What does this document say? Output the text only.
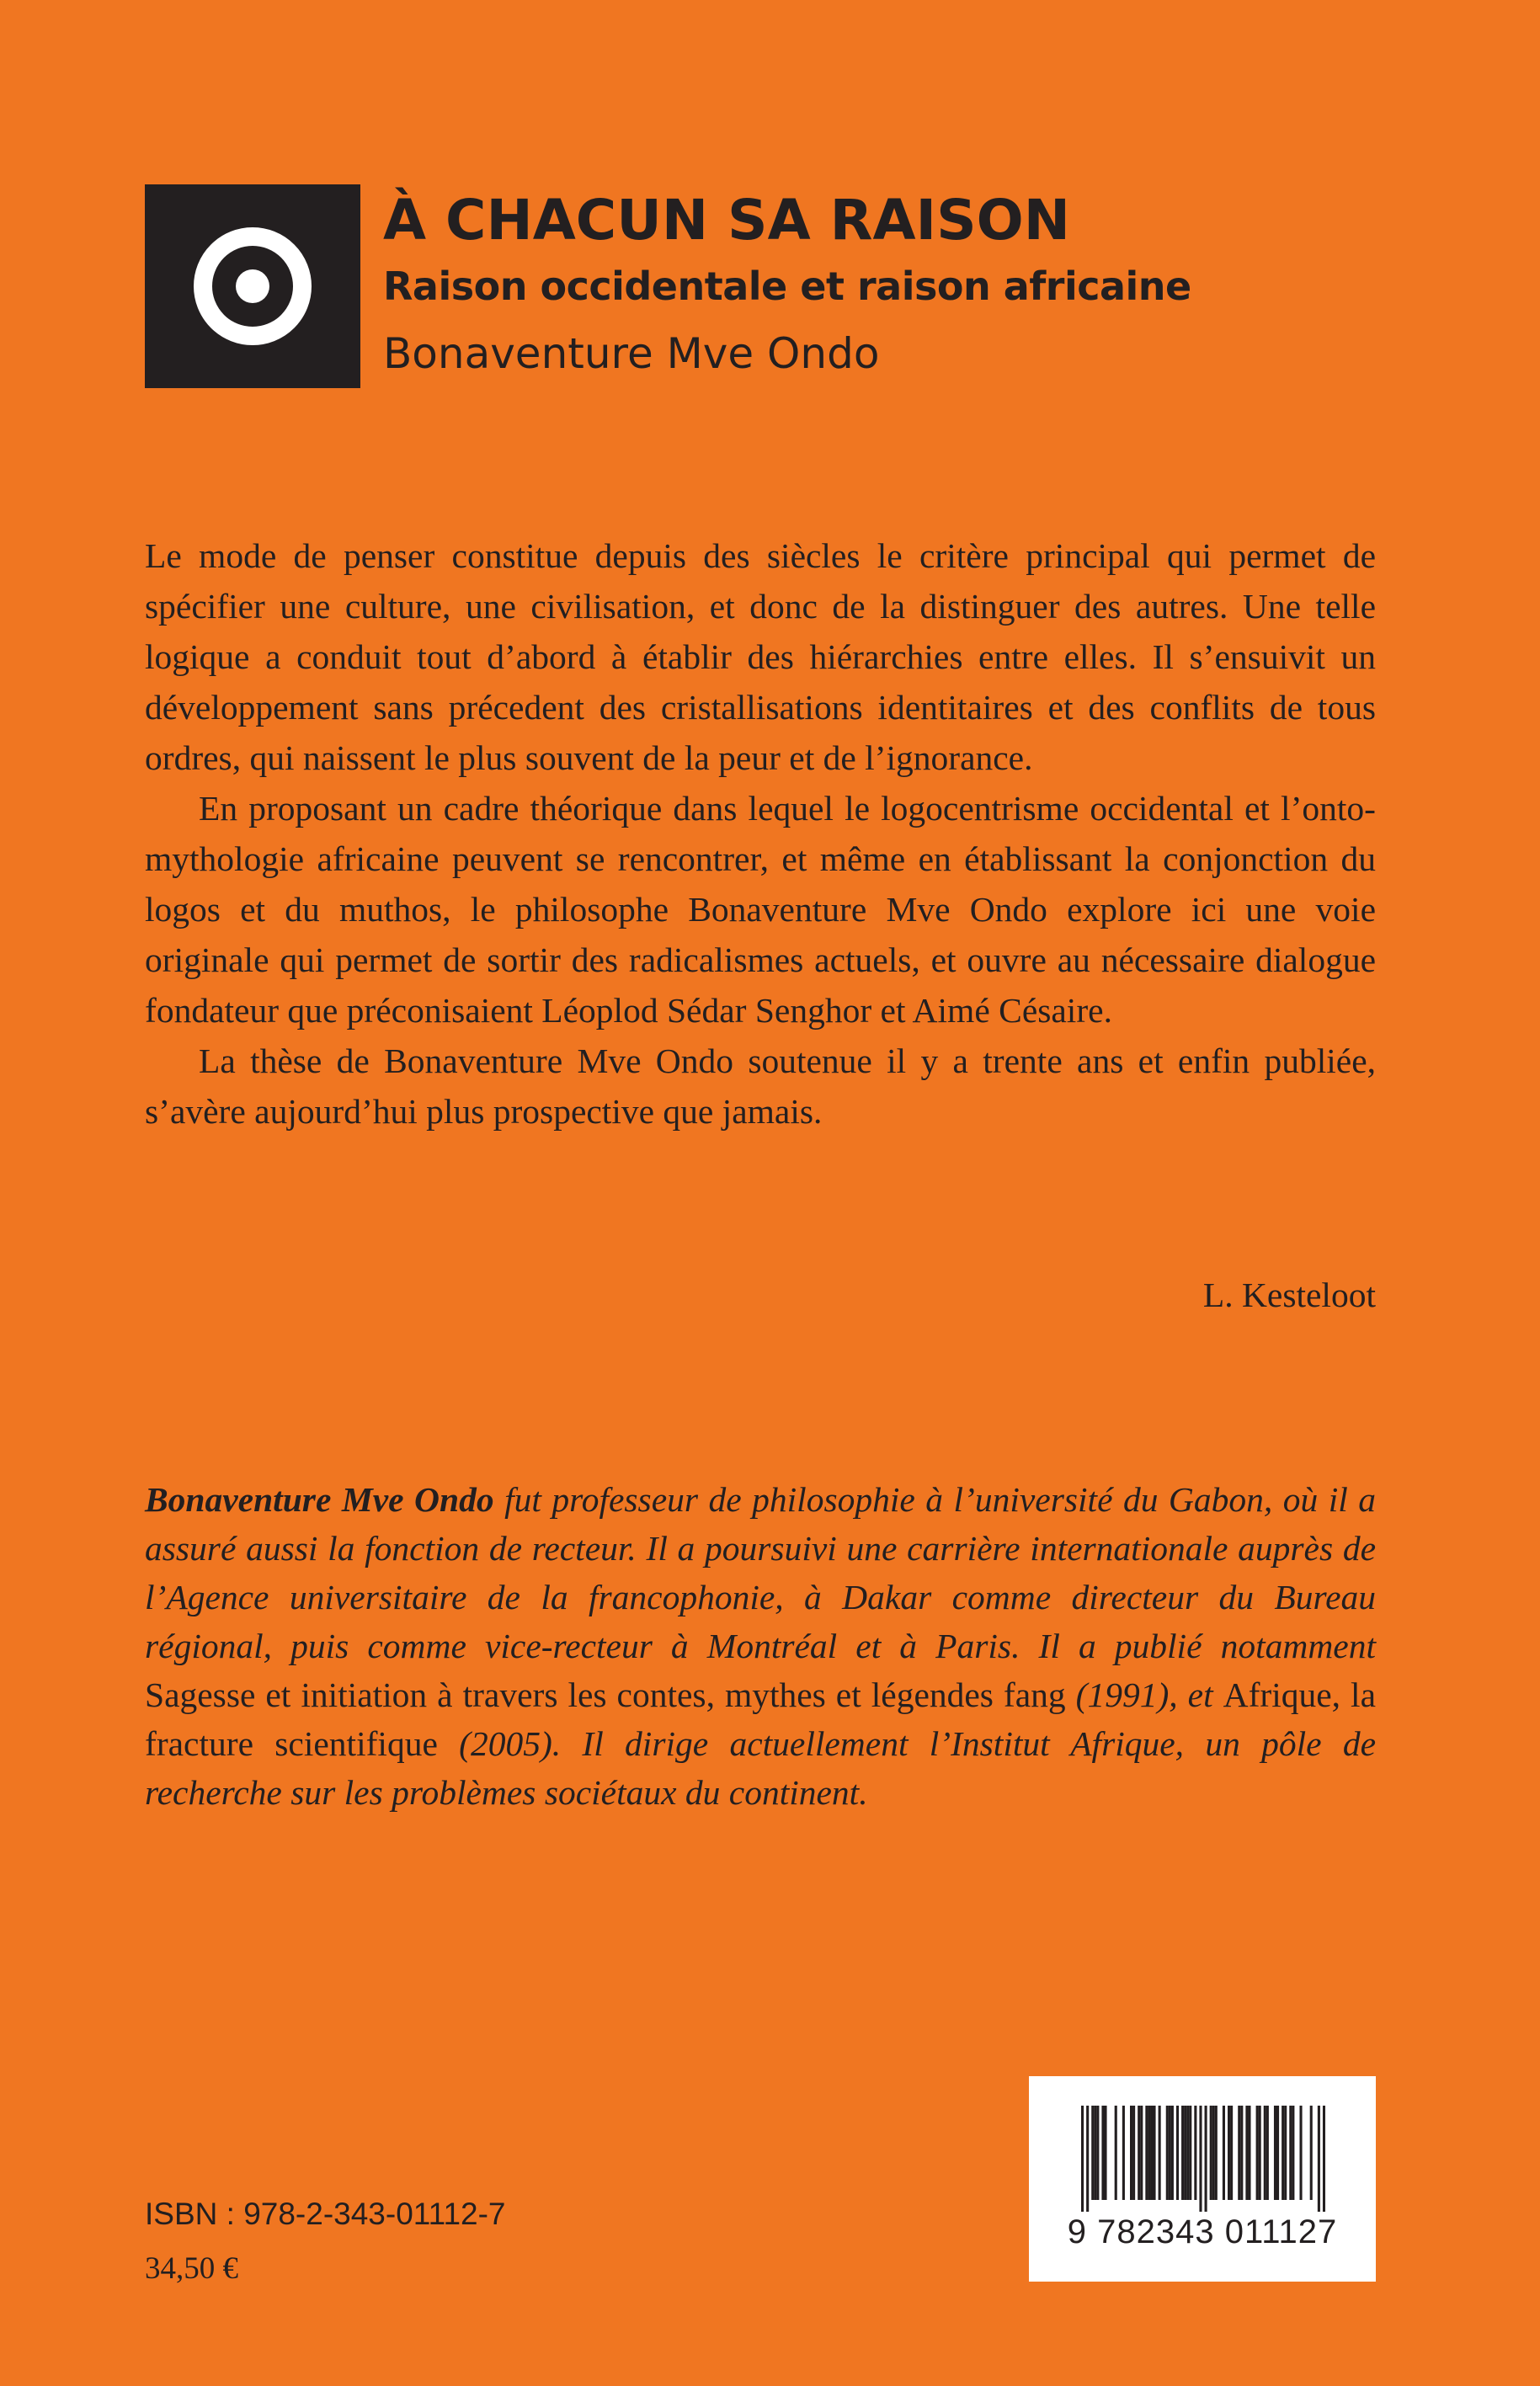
À CHACUN SA RAISON
Raison occidentale et raison africaine
Bonaventure Mve Ondo

Le mode de penser constitue depuis des siècles le critère principal qui permet de spécifier une culture, une civilisation, et donc de la distinguer des autres. Une telle logique a conduit tout d’abord à établir des hiérarchies entre elles. Il s’ensuivit un développement sans précedent des cristallisations identitaires et des conflits de tous ordres, qui naissent le plus souvent de la peur et de l’ignorance.

En proposant un cadre théorique dans lequel le logocentrisme occidental et l’onto-mythologie africaine peuvent se rencontrer, et même en établissant la conjonction du logos et du muthos, le philosophe Bonaventure Mve Ondo explore ici une voie originale qui permet de sortir des radicalismes actuels, et ouvre au nécessaire dialogue fondateur que préconisaient Léoplod Sédar Senghor et Aimé Césaire.

La thèse de Bonaventure Mve Ondo soutenue il y a trente ans et enfin publiée, s’avère aujourd’hui plus prospective que jamais.

L. Kesteloot

Bonaventure Mve Ondo fut professeur de philosophie à l’université du Gabon, où il a assuré aussi la fonction de recteur. Il a poursuivi une carrière internationale auprès de l’Agence universitaire de la francophonie, à Dakar comme directeur du Bureau régional, puis comme vice-recteur à Montréal et à Paris. Il a publié notamment Sagesse et initiation à travers les contes, mythes et légendes fang (1991), et Afrique, la fracture scientifique (2005). Il dirige actuellement l’Institut Afrique, un pôle de recherche sur les problèmes sociétaux du continent.

ISBN : 978-2-343-01112-7
34,50 €
9 782343 011127
